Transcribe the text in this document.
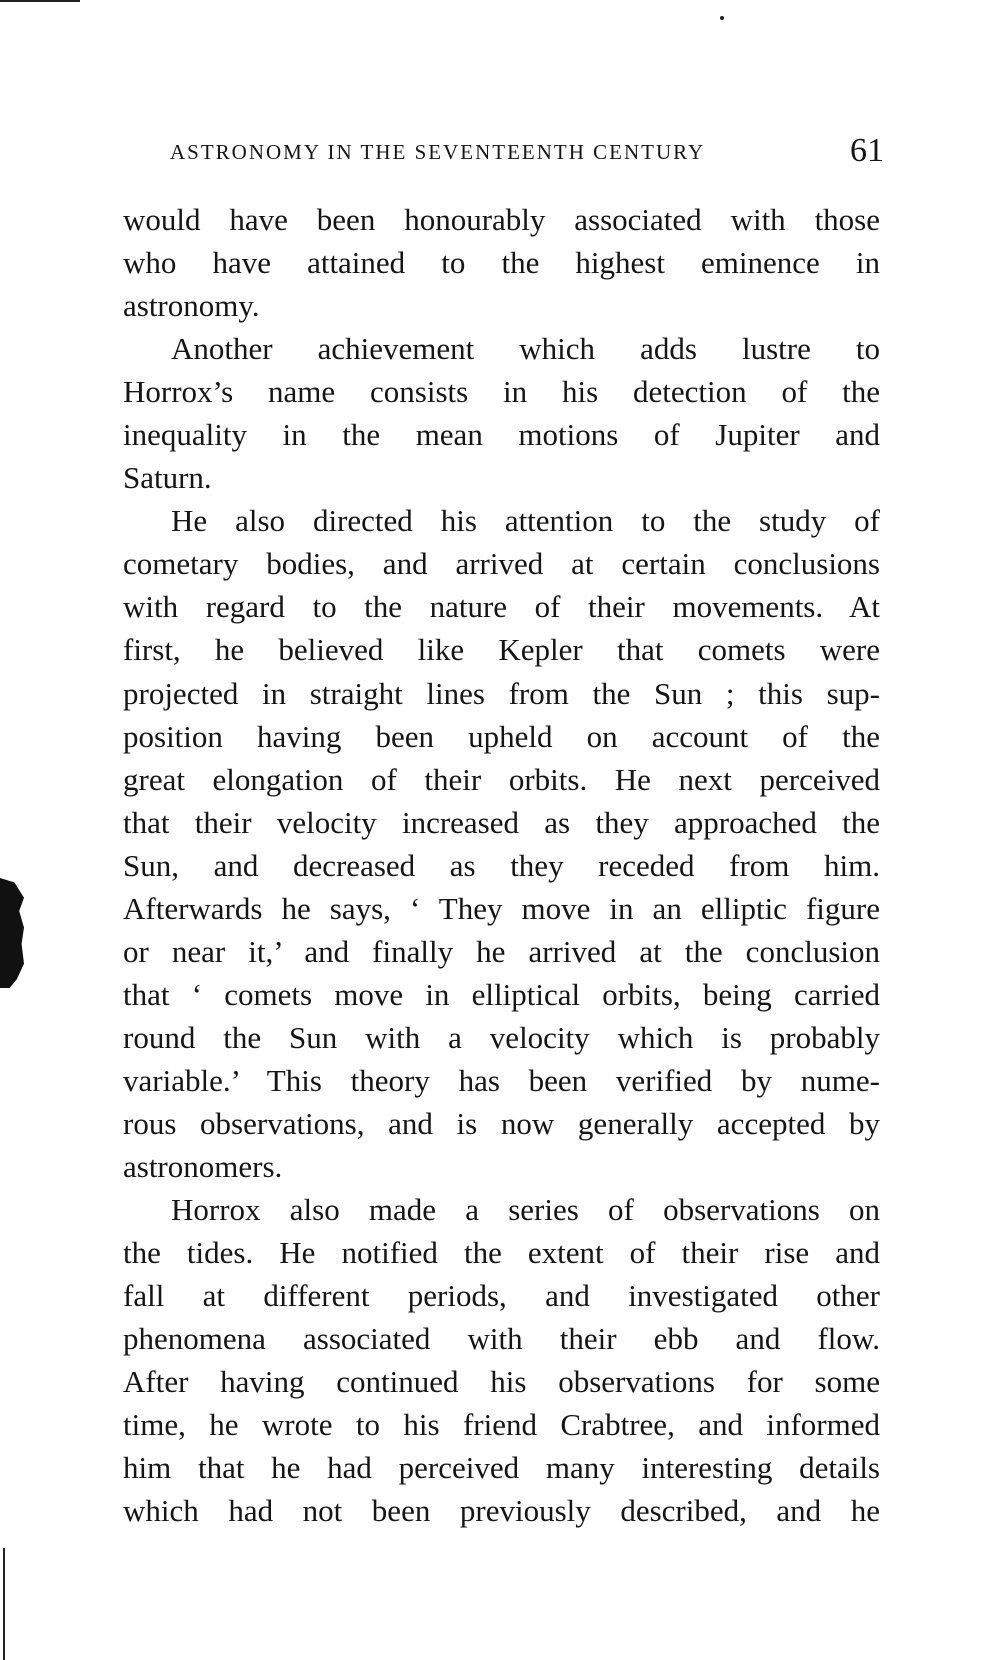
ASTRONOMY IN THE SEVENTEENTH CENTURY	61
would have been honourably associated with those
who have attained to the highest eminence in
astronomy.
Another achievement which adds lustre to
Horrox’s name consists in his detection of the
inequality in the mean motions of Jupiter and
Saturn.
He also directed his attention to the study of
cometary bodies, and arrived at certain conclusions
with regard to the nature of their movements. At
first, he believed like Kepler that comets were
projected in straight lines from the Sun ; this sup-
position having been upheld on account of the
great elongation of their orbits. He next perceived
that their velocity increased as they approached the
Sun, and decreased as they receded from him.
Afterwards he says, ‘ They move in an elliptic figure
or near it,’ and finally he arrived at the conclusion
that ‘ comets move in elliptical orbits, being carried
round the Sun with a velocity which is probably
variable.’ This theory has been verified by nume-
rous observations, and is now generally accepted by
astronomers.
Horrox also made a series of observations on
the tides. He notified the extent of their rise and
fall at different periods, and investigated other
phenomena associated with their ebb and flow.
After having continued his observations for some
time, he wrote to his friend Crabtree, and informed
him that he had perceived many interesting details
which had not been previously described, and he
